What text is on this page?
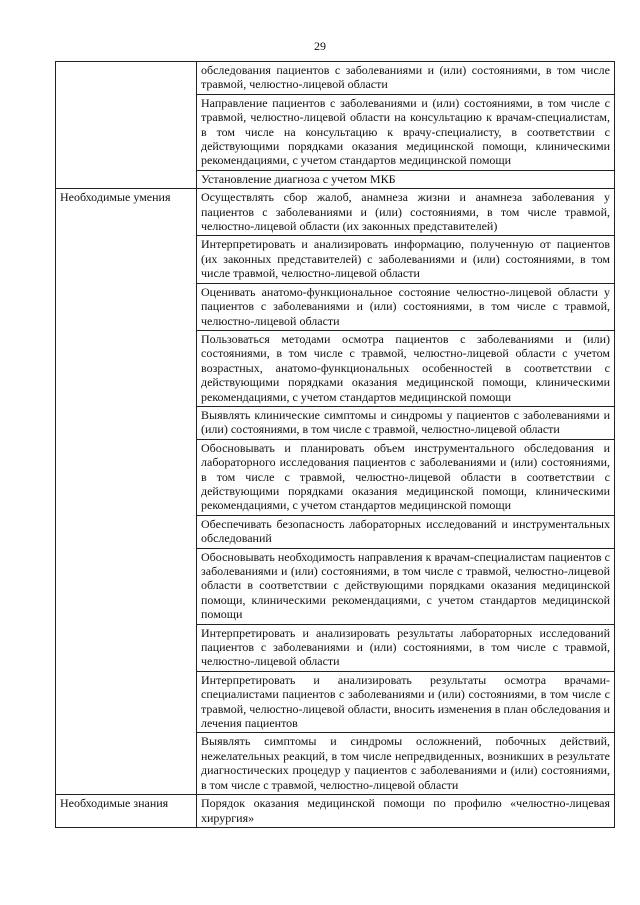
29
	обследования пациентов с заболеваниями и (или) состояниями, в том числе травмой, челюстно-лицевой области
	Направление пациентов с заболеваниями и (или) состояниями, в том числе с травмой, челюстно-лицевой области на консультацию к врачам-специалистам, в том числе на консультацию к врачу-специалисту, в соответствии с действующими порядками оказания медицинской помощи, клиническими рекомендациями, с учетом стандартов медицинской помощи
	Установление диагноза с учетом МКБ
Необходимые умения	Осуществлять сбор жалоб, анамнеза жизни и анамнеза заболевания у пациентов с заболеваниями и (или) состояниями, в том числе травмой, челюстно-лицевой области (их законных представителей)
	Интерпретировать и анализировать информацию, полученную от пациентов (их законных представителей) с заболеваниями и (или) состояниями, в том числе травмой, челюстно-лицевой области
	Оценивать анатомо-функциональное состояние челюстно-лицевой области у пациентов с заболеваниями и (или) состояниями, в том числе с травмой, челюстно-лицевой области
	Пользоваться методами осмотра пациентов с заболеваниями и (или) состояниями, в том числе с травмой, челюстно-лицевой области с учетом возрастных, анатомо-функциональных особенностей в соответствии с действующими порядками оказания медицинской помощи, клиническими рекомендациями, с учетом стандартов медицинской помощи
	Выявлять клинические симптомы и синдромы у пациентов с заболеваниями и (или) состояниями, в том числе с травмой, челюстно-лицевой области
	Обосновывать и планировать объем инструментального обследования и лабораторного исследования пациентов с заболеваниями и (или) состояниями, в том числе с травмой, челюстно-лицевой области в соответствии с действующими порядками оказания медицинской помощи, клиническими рекомендациями, с учетом стандартов медицинской помощи
	Обеспечивать безопасность лабораторных исследований и инструментальных обследований
	Обосновывать необходимость направления к врачам-специалистам пациентов с заболеваниями и (или) состояниями, в том числе с травмой, челюстно-лицевой области в соответствии с действующими порядками оказания медицинской помощи, клиническими рекомендациями, с учетом стандартов медицинской помощи
	Интерпретировать и анализировать результаты лабораторных исследований пациентов с заболеваниями и (или) состояниями, в том числе с травмой, челюстно-лицевой области
	Интерпретировать и анализировать результаты осмотра врачами-специалистами пациентов с заболеваниями и (или) состояниями, в том числе с травмой, челюстно-лицевой области, вносить изменения в план обследования и лечения пациентов
	Выявлять симптомы и синдромы осложнений, побочных действий, нежелательных реакций, в том числе непредвиденных, возникших в результате диагностических процедур у пациентов с заболеваниями и (или) состояниями, в том числе с травмой, челюстно-лицевой области
Необходимые знания	Порядок оказания медицинской помощи по профилю «челюстно-лицевая хирургия»
